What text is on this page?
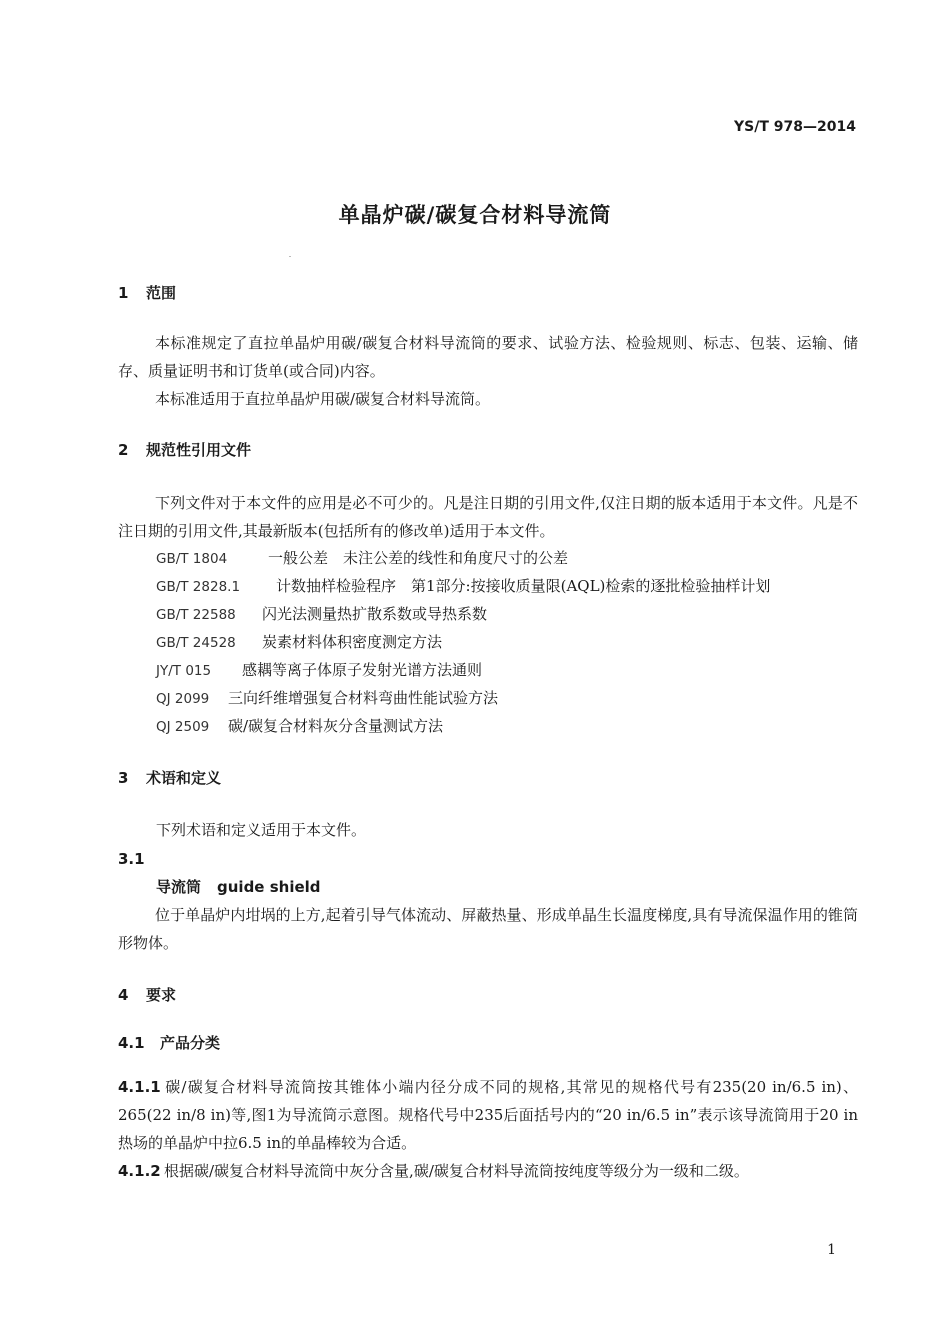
YS/T 978—2014
单晶炉碳/碳复合材料导流筒
1 范围
本标准规定了直拉单晶炉用碳/碳复合材料导流筒的要求、试验方法、检验规则、标志、包装、运输、储存、质量证明书和订货单(或合同)内容。
本标准适用于直拉单晶炉用碳/碳复合材料导流筒。
2 规范性引用文件
下列文件对于本文件的应用是必不可少的。凡是注日期的引用文件,仅注日期的版本适用于本文件。凡是不注日期的引用文件,其最新版本(包括所有的修改单)适用于本文件。
GB/T 1804	一般公差　未注公差的线性和角度尺寸的公差
GB/T 2828.1 计数抽样检验程序　第1部分:按接收质量限(AQL)检索的逐批检验抽样计划
GB/T 22588 闪光法测量热扩散系数或导热系数
GB/T 24528 炭素材料体积密度测定方法
JY/T 015 感耦等离子体原子发射光谱方法通则
QJ 2099 三向纤维增强复合材料弯曲性能试验方法
QJ 2509 碳/碳复合材料灰分含量测试方法
3 术语和定义
下列术语和定义适用于本文件。
3.1
导流筒 guide shield
位于单晶炉内坩埚的上方,起着引导气体流动、屏蔽热量、形成单晶生长温度梯度,具有导流保温作用的锥筒形物体。
4 要求
4.1 产品分类
4.1.1 碳/碳复合材料导流筒按其锥体小端内径分成不同的规格,其常见的规格代号有235(20 in/6.5 in)、265(22 in/8 in)等,图1为导流筒示意图。规格代号中235后面括号内的“20 in/6.5 in”表示该导流筒用于20 in热场的单晶炉中拉6.5 in的单晶棒较为合适。
4.1.2 根据碳/碳复合材料导流筒中灰分含量,碳/碳复合材料导流筒按纯度等级分为一级和二级。
1
